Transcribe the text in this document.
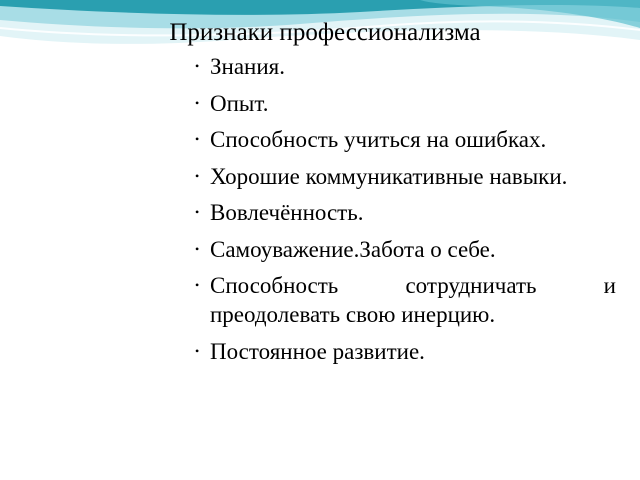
Признаки профессионализма
• Знания.
• Опыт.
• Способность учиться на ошибках.
• Хорошие коммуникативные навыки.
• Вовлечённость.
• Самоуважение.Забота о себе.
• Способность сотрудничать и преодолевать свою инерцию.
• Постоянное развитие.
